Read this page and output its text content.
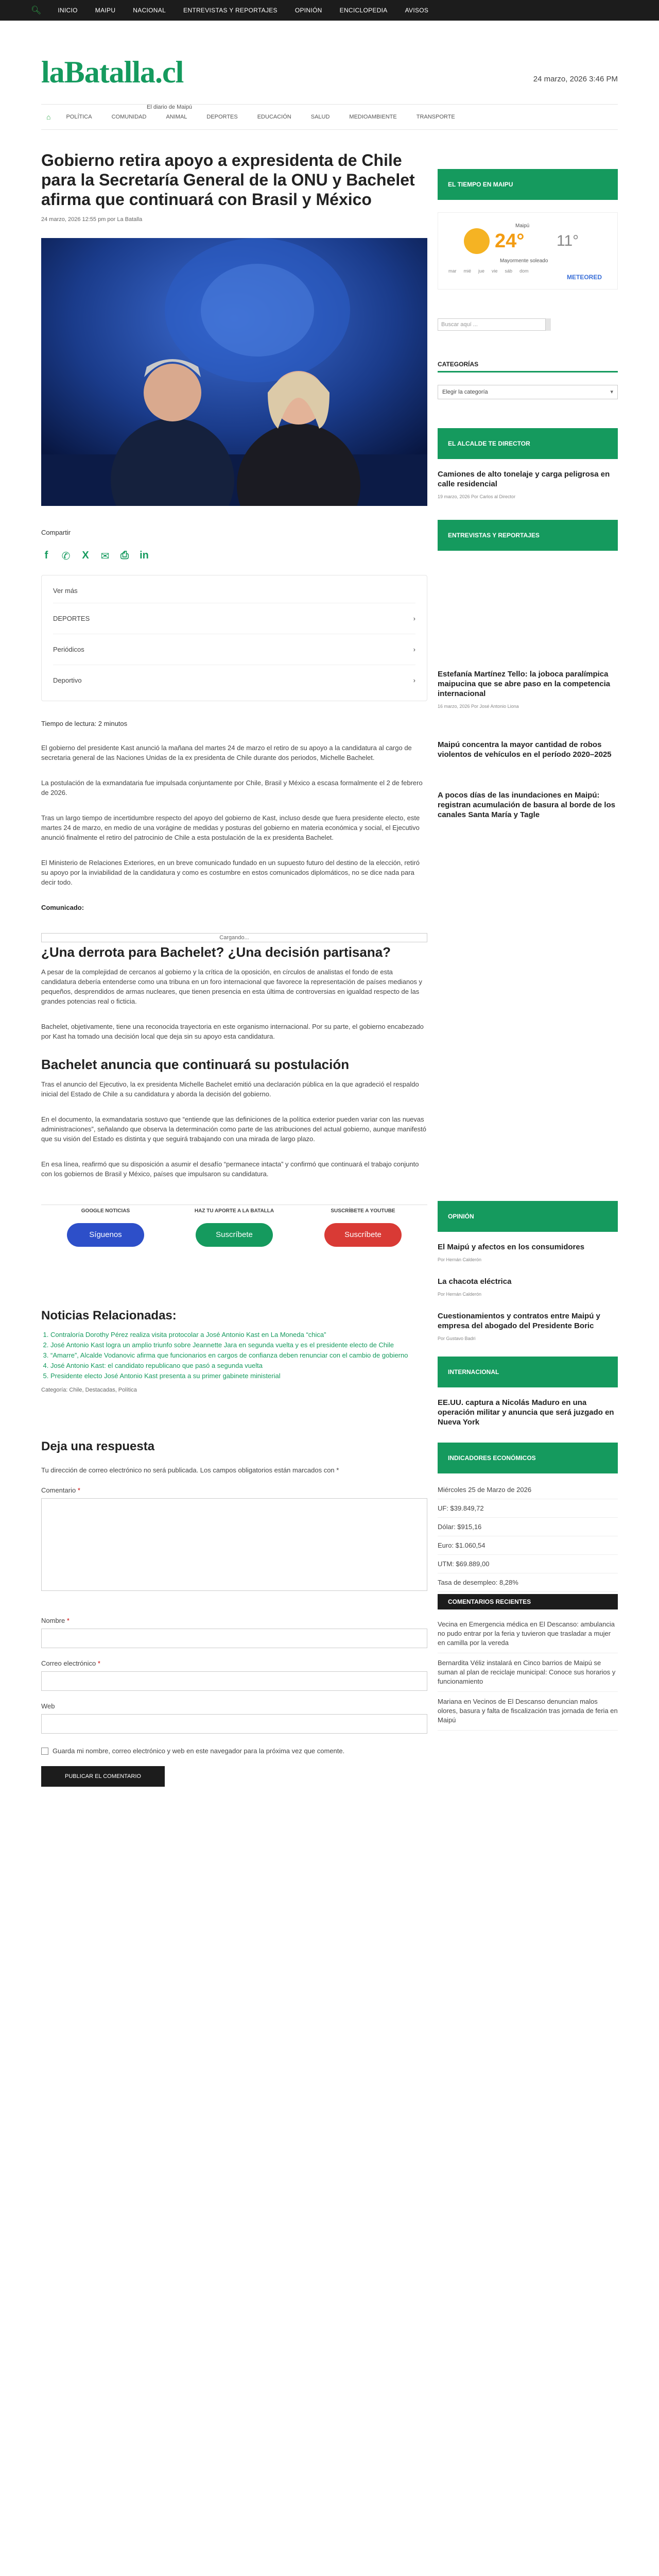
🔍︎	INICIO	MAIPU	NACIONAL	ENTREVISTAS Y REPORTAJES	OPINIÓN	ENCICLOPEDIA	AVISOS
laBatalla.cl
El diario de Maipú
24 marzo, 2026 3:46 PM
⌂	POLÍTICA	COMUNIDAD	ANIMAL	DEPORTES	EDUCACIÓN	SALUD	MEDIOAMBIENTE	TRANSPORTE
Gobierno retira apoyo a expresidenta de Chile para la Secretaría General de la ONU y Bachelet afirma que continuará con Brasil y México
24 marzo, 2026 12:55 pm por La Batalla
Compartir
f	✆ X ✉ ⎙ in
Ver más
DEPORTES	›
Periódicos	›
Deportivo	›
Tiempo de lectura: 2 minutos

El gobierno del presidente Kast anunció la mañana del martes 24 de marzo el retiro de su apoyo a la candidatura al cargo de secretaria general de las Naciones Unidas de la ex presidenta de Chile durante dos periodos, Michelle Bachelet.

La postulación de la exmandataria fue impulsada conjuntamente por Chile, Brasil y México a escasa formalmente el 2 de febrero de 2026.

Tras un largo tiempo de incertidumbre respecto del apoyo del gobierno de Kast, incluso desde que fuera presidente electo, este martes 24 de marzo, en medio de una vorágine de medidas y posturas del gobierno en materia económica y social, el Ejecutivo anunció finalmente el retiro del patrocinio de Chile a esta postulación de la ex presidenta Bachelet.

El Ministerio de Relaciones Exteriores, en un breve comunicado fundado en un supuesto futuro del destino de la elección, retiró su apoyo por la inviabilidad de la candidatura y como es costumbre en estos comunicados diplomáticos, no se dice nada para decir todo.

Comunicado:

Cargando...
¿Una derrota para Bachelet? ¿Una decisión partisana?

A pesar de la complejidad de cercanos al gobierno y la crítica de la oposición, en círculos de analistas el fondo de esta candidatura debería entenderse como una tribuna en un foro internacional que favorece la representación de países medianos y pequeños, desprendidos de armas nucleares, que tienen presencia en esta última de controversias en igualdad respecto de las grandes potencias real o ficticia.

Bachelet, objetivamente, tiene una reconocida trayectoria en este organismo internacional. Por su parte, el gobierno encabezado por Kast ha tomado una decisión local que deja sin su apoyo esta candidatura.

Bachelet anuncia que continuará su postulación

Tras el anuncio del Ejecutivo, la ex presidenta Michelle Bachelet emitió una declaración pública en la que agradeció el respaldo inicial del Estado de Chile a su candidatura y aborda la decisión del gobierno.

En el documento, la exmandataria sostuvo que “entiende que las definiciones de la política exterior pueden variar con las nuevas administraciones”, señalando que observa la determinación como parte de las atribuciones del actual gobierno, aunque manifestó que su visión del Estado es distinta y que seguirá trabajando con una mirada de largo plazo.

En esa línea, reafirmó que su disposición a asumir el desafío “permanece intacta” y confirmó que continuará el trabajo conjunto con los gobiernos de Brasil y México, países que impulsaron su candidatura.

GOOGLE NOTICIAS
Síguenos
HAZ TU APORTE A LA BATALLA
Suscríbete
SUSCRÍBETE A YOUTUBE
Suscríbete
Noticias Relacionadas:
1. Contraloría Dorothy Pérez realiza visita protocolar a José Antonio Kast en La Moneda “chica”
2. José Antonio Kast logra un amplio triunfo sobre Jeannette Jara en segunda vuelta y es el presidente electo de Chile
3. “Amarre”, Alcalde Vodanovic afirma que funcionarios en cargos de confianza deben renunciar con el cambio de gobierno
4. José Antonio Kast: el candidato republicano que pasó a segunda vuelta
5. Presidente electo José Antonio Kast presenta a su primer gabinete ministerial
Categoría: Chile, Destacadas, Política
Deja una respuesta

Tu dirección de correo electrónico no será publicada. Los campos obligatorios están marcados con *

Comentario *
Nombre *
Correo electrónico *
Web
Guarda mi nombre, correo electrónico y web en este navegador para la próxima vez que comente.
PUBLICAR EL COMENTARIO
EL TIEMPO EN MAIPU
Maipú
24° 11°
Mayormente soleado
mar mié jue vie sáb dom
METEORED
Buscar aquí ...
CATEGORÍAS
Elegir la categoría ▾
EL ALCALDE TE DIRECTOR
Camiones de alto tonelaje y carga peligrosa en calle residencial
19 marzo, 2026 Por Carlos al Director
ENTREVISTAS Y REPORTAJES
Estefanía Martínez Tello: la joboca paralímpica maipucina que se abre paso en la competencia internacional
16 marzo, 2026 Por José Antonio Liona
Maipú concentra la mayor cantidad de robos violentos de vehículos en el período 2020–2025
A pocos días de las inundaciones en Maipú: registran acumulación de basura al borde de los canales Santa María y Tagle
OPINIÓN
El Maipú y afectos en los consumidores
Por Hernán Calderón
La chacota eléctrica
Por Hernán Calderón
Cuestionamientos y contratos entre Maipú y empresa del abogado del Presidente Boric
Por Gustavo Badri
INTERNACIONAL
EE.UU. captura a Nicolás Maduro en una operación militar y anuncia que será juzgado en Nueva York
INDICADORES ECONÓMICOS
Miércoles 25 de Marzo de 2026
UF: $39.849,72
Dólar: $915,16
Euro: $1.060,54
UTM: $69.889,00
Tasa de desempleo: 8,28%
COMENTARIOS RECIENTES
Vecina en Emergencia médica en El Descanso: ambulancia no pudo entrar por la feria y tuvieron que trasladar a mujer en camilla por la vereda
Bernardita Véliz instalará en Cinco barrios de Maipú se suman al plan de reciclaje municipal: Conoce sus horarios y funcionamiento
Mariana en Vecinos de El Descanso denuncian malos olores, basura y falta de fiscalización tras jornada de feria en Maipú
